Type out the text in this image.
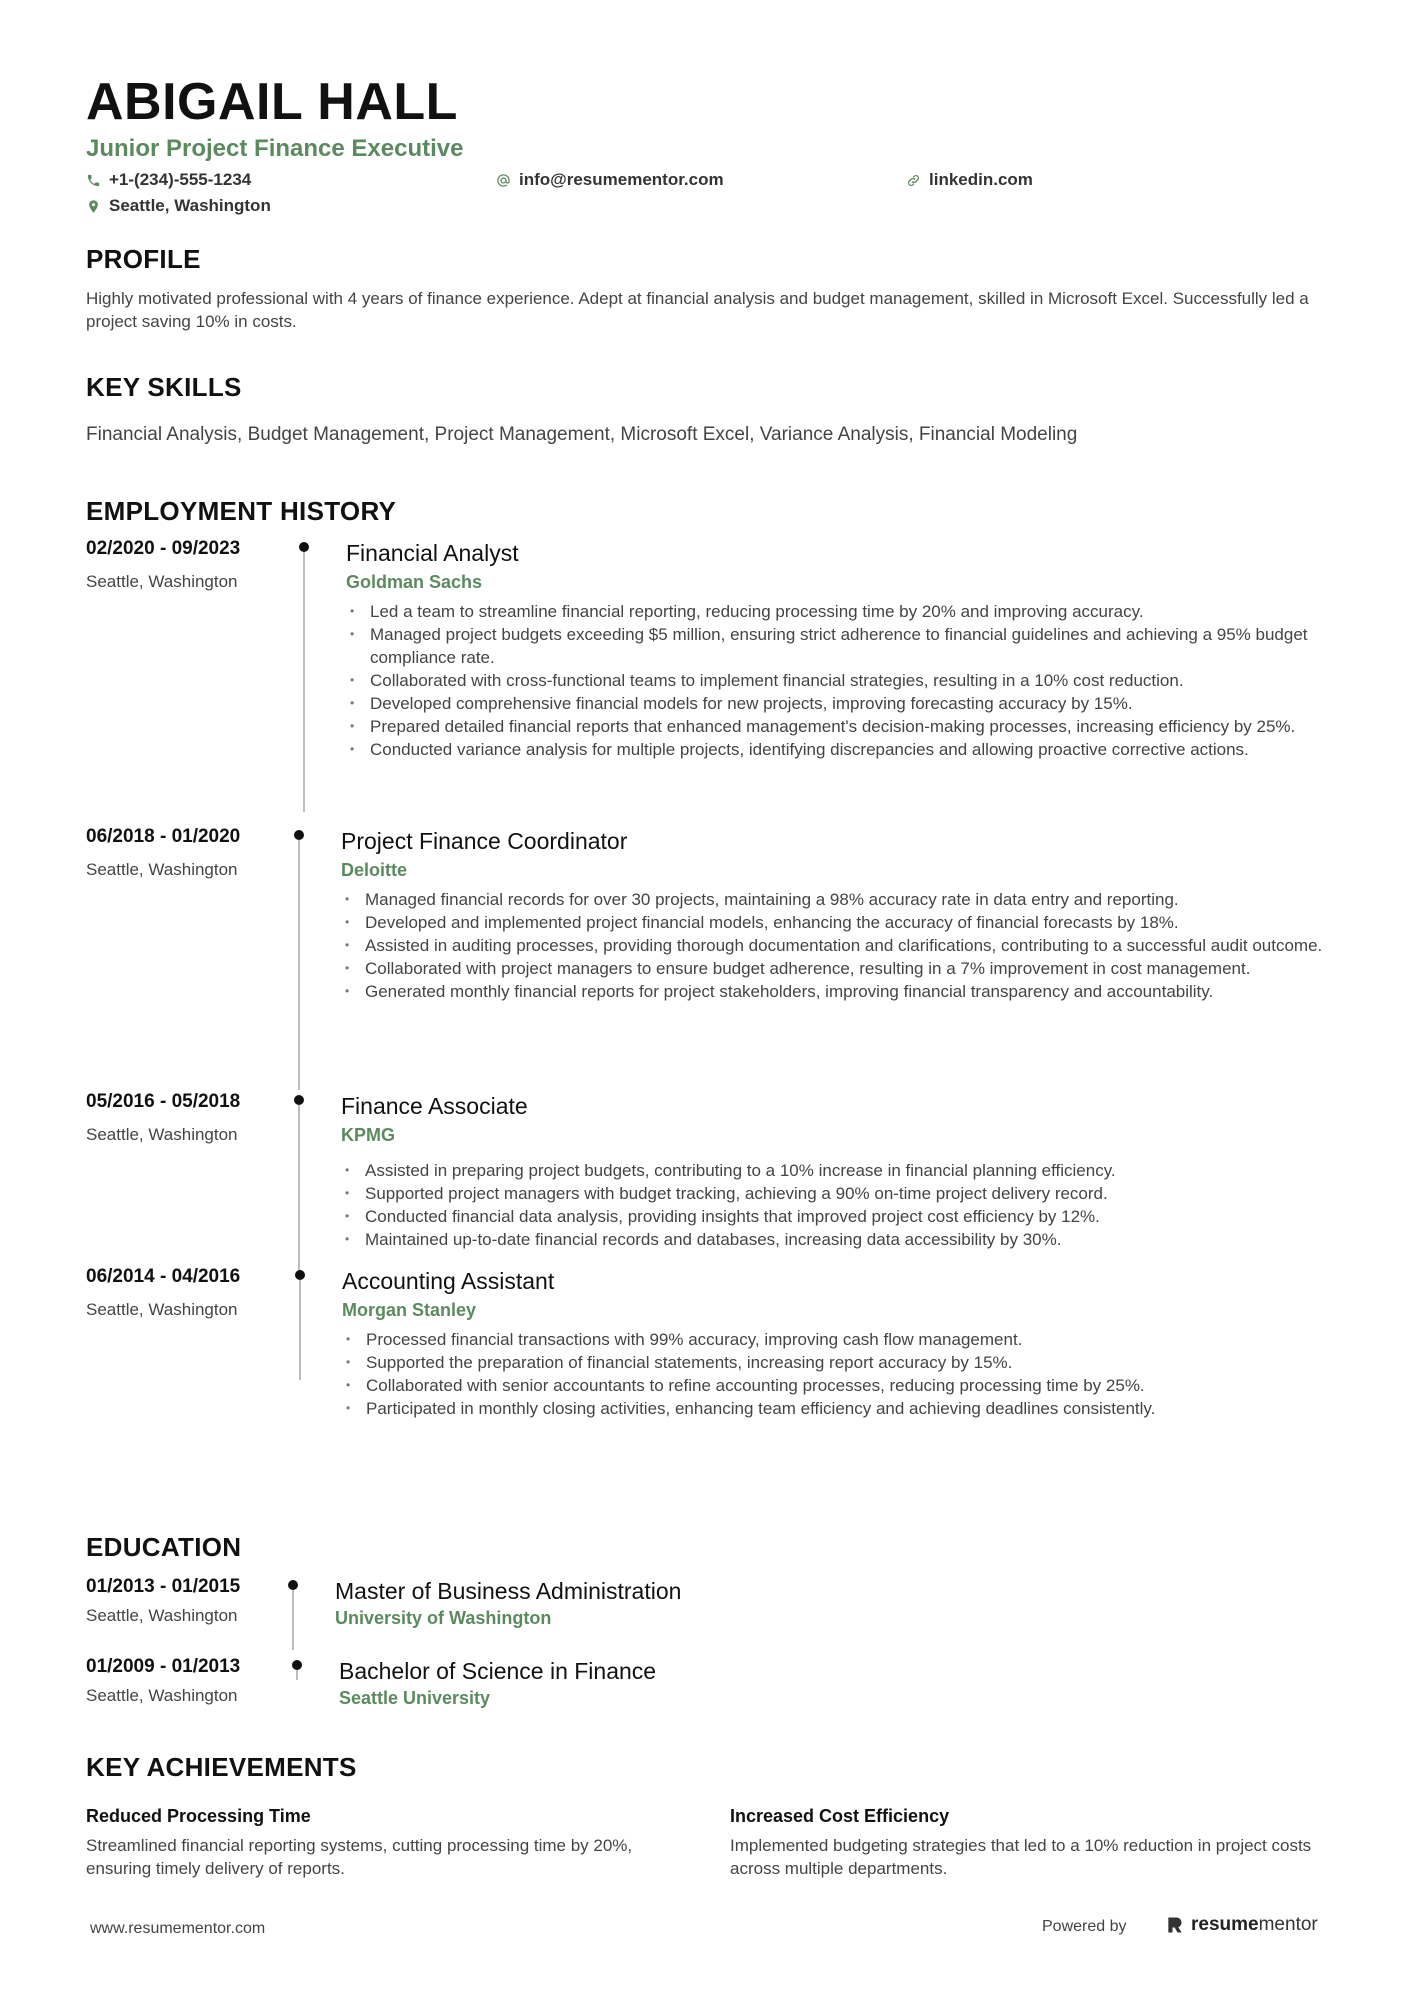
ABIGAIL HALL
Junior Project Finance Executive
+1-(234)-555-1234	info@resumementor.com	linkedin.com
Seattle, Washington
PROFILE
Highly motivated professional with 4 years of finance experience. Adept at financial analysis and budget management, skilled in Microsoft Excel. Successfully led a project saving 10% in costs.
KEY SKILLS
Financial Analysis, Budget Management, Project Management, Microsoft Excel, Variance Analysis, Financial Modeling
EMPLOYMENT HISTORY
02/2020 - 09/2023
Seattle, Washington
Financial Analyst
Goldman Sachs
• Led a team to streamline financial reporting, reducing processing time by 20% and improving accuracy.
• Managed project budgets exceeding $5 million, ensuring strict adherence to financial guidelines and achieving a 95% budget compliance rate.
• Collaborated with cross-functional teams to implement financial strategies, resulting in a 10% cost reduction.
• Developed comprehensive financial models for new projects, improving forecasting accuracy by 15%.
• Prepared detailed financial reports that enhanced management's decision-making processes, increasing efficiency by 25%.
• Conducted variance analysis for multiple projects, identifying discrepancies and allowing proactive corrective actions.
06/2018 - 01/2020
Seattle, Washington
Project Finance Coordinator
Deloitte
• Managed financial records for over 30 projects, maintaining a 98% accuracy rate in data entry and reporting.
• Developed and implemented project financial models, enhancing the accuracy of financial forecasts by 18%.
• Assisted in auditing processes, providing thorough documentation and clarifications, contributing to a successful audit outcome.
• Collaborated with project managers to ensure budget adherence, resulting in a 7% improvement in cost management.
• Generated monthly financial reports for project stakeholders, improving financial transparency and accountability.
05/2016 - 05/2018
Seattle, Washington
Finance Associate
KPMG
• Assisted in preparing project budgets, contributing to a 10% increase in financial planning efficiency.
• Supported project managers with budget tracking, achieving a 90% on-time project delivery record.
• Conducted financial data analysis, providing insights that improved project cost efficiency by 12%.
• Maintained up-to-date financial records and databases, increasing data accessibility by 30%.
06/2014 - 04/2016
Seattle, Washington
Accounting Assistant
Morgan Stanley
• Processed financial transactions with 99% accuracy, improving cash flow management.
• Supported the preparation of financial statements, increasing report accuracy by 15%.
• Collaborated with senior accountants to refine accounting processes, reducing processing time by 25%.
• Participated in monthly closing activities, enhancing team efficiency and achieving deadlines consistently.
EDUCATION
01/2013 - 01/2015
Seattle, Washington
Master of Business Administration
University of Washington
01/2009 - 01/2013
Seattle, Washington
Bachelor of Science in Finance
Seattle University
KEY ACHIEVEMENTS
Reduced Processing Time
Streamlined financial reporting systems, cutting processing time by 20%, ensuring timely delivery of reports.
Increased Cost Efficiency
Implemented budgeting strategies that led to a 10% reduction in project costs across multiple departments.
www.resumementor.com	Powered by	resumementor
